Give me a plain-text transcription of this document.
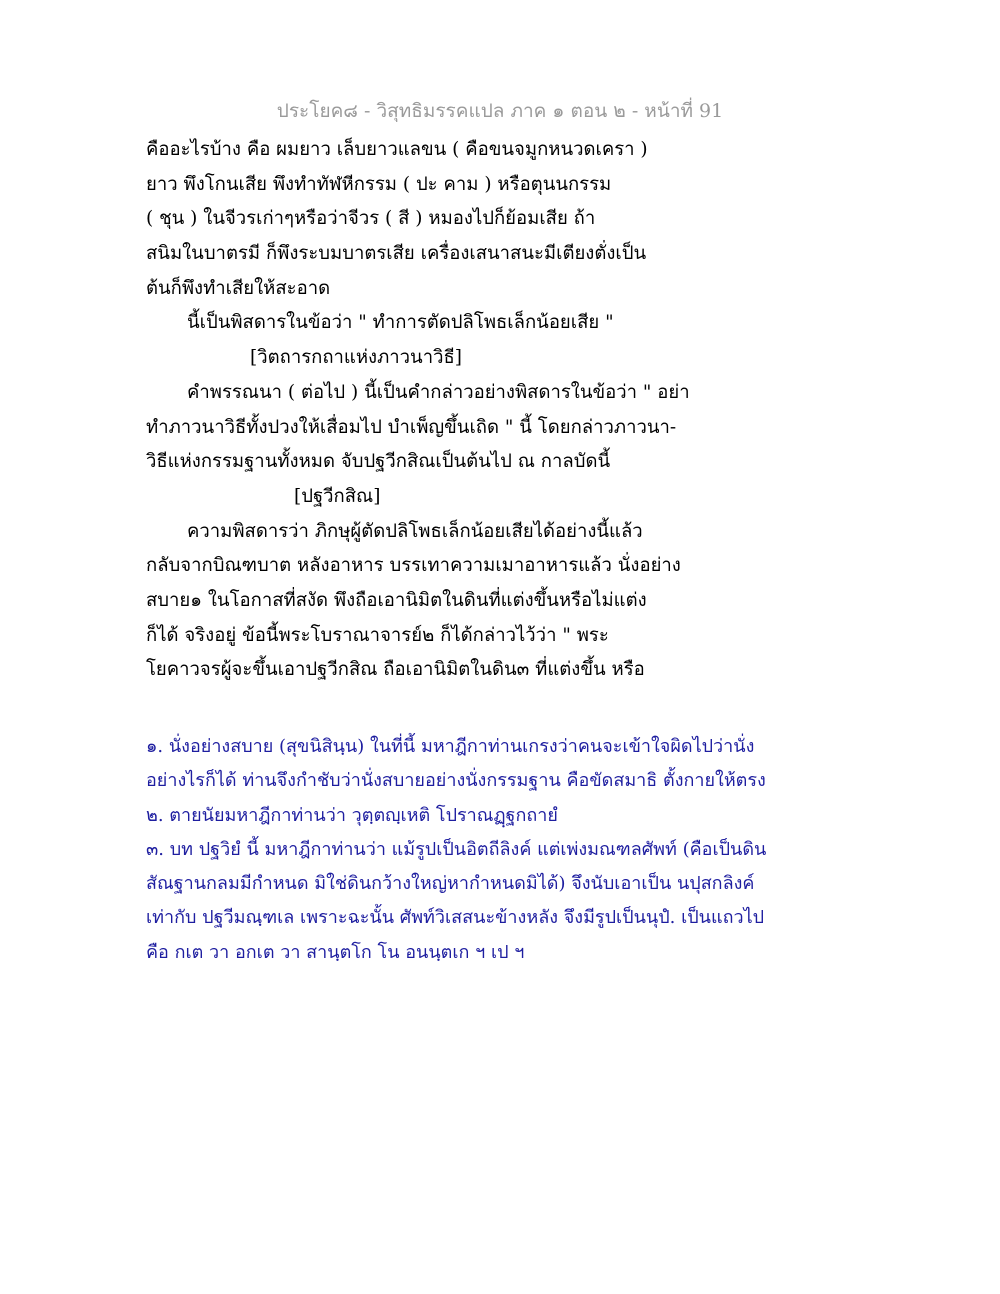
ประโยค๘ - วิสุทธิมรรคแปล ภาค ๑ ตอน ๒ - หน้าที่ 91

คืออะไรบ้าง คือ ผมยาว เล็บยาวแลขน ( คือขนจมูกหนวดเครา )

ยาว พึงโกนเสีย พึงทำทัฬหีกรรม ( ปะ คาม ) หรือตุนนกรรม

( ชุน ) ในจีวรเก่าๆหรือว่าจีวร ( สี ) หมองไปก็ย้อมเสีย ถ้า

สนิมในบาตรมี ก็พึงระบมบาตรเสีย เครื่องเสนาสนะมีเตียงตั่งเป็น

ต้นก็พึงทำเสียให้สะอาด

นี้เป็นพิสดารในข้อว่า " ทำการตัดปลิโพธเล็กน้อยเสีย "

[วิตถารกถาแห่งภาวนาวิธี]

คำพรรณนา ( ต่อไป ) นี้เป็นคำกล่าวอย่างพิสดารในข้อว่า " อย่า

ทำภาวนาวิธีทั้งปวงให้เสื่อมไป บำเพ็ญขึ้นเถิด " นี้ โดยกล่าวภาวนา-

วิธีแห่งกรรมฐานทั้งหมด จับปฐวีกสิณเป็นต้นไป ณ กาลบัดนี้

[ปฐวีกสิณ]

ความพิสดารว่า ภิกษุผู้ตัดปลิโพธเล็กน้อยเสียได้อย่างนี้แล้ว

กลับจากบิณฑบาต หลังอาหาร บรรเทาความเมาอาหารแล้ว นั่งอย่าง

สบาย๑ ในโอกาสที่สงัด พึงถือเอานิมิตในดินที่แต่งขึ้นหรือไม่แต่ง

ก็ได้ จริงอยู่ ข้อนี้พระโบราณาจารย์๒ ก็ได้กล่าวไว้ว่า " พระ

โยคาวจรผู้จะขึ้นเอาปฐวีกสิณ ถือเอานิมิตในดิน๓ ที่แต่งขึ้น หรือ

๑. นั่งอย่างสบาย (สุขนิสินฺน) ในที่นี้ มหาฎีกาท่านเกรงว่าคนจะเข้าใจผิดไปว่านั่ง

อย่างไรก็ได้ ท่านจึงกำชับว่านั่งสบายอย่างนั่งกรรมฐาน คือขัดสมาธิ ตั้งกายให้ตรง

๒. ตายนัยมหาฎีกาท่านว่า วุตฺตญฺเหติ โปราณฏฺฐกถายํ

๓. บท ปฐวิยํ นี้ มหาฎีกาท่านว่า แม้รูปเป็นอิตถีลิงค์ แต่เพ่งมณฑลศัพท์ (คือเป็นดิน

สัณฐานกลมมีกำหนด มิใช่ดินกว้างใหญ่หากำหนดมิได้) จึงนับเอาเป็น นปุสกลิงค์

เท่ากับ ปฐวีมณฺฑเล เพราะฉะนั้น ศัพท์วิเสสนะข้างหลัง จึงมีรูปเป็นนุปํ. เป็นแถวไป

คือ กเต วา อกเต วา สานฺตโก โน อนนฺตเก ฯ เป ฯ
